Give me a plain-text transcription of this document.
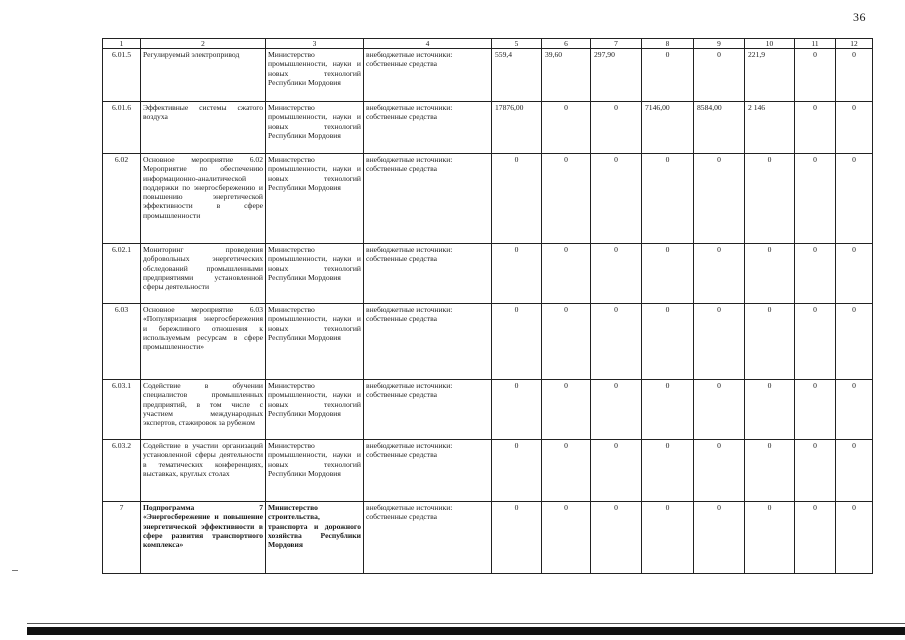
36
1	2	3	4	5	6	7	8	9	10	11	12
6.01.5	Регулируемый электропривод	Министерство промышленности, науки и новых технологий Республики Мордовия	внебюджетные источники: собственные средства	559,4	39,60	297,90	0	0	221,9	0	0
6.01.6	Эффективные системы сжатого воздуха	Министерство промышленности, науки и новых технологий Республики Мордовия	внебюджетные источники: собственные средства	17876,00	0	0	7146,00	8584,00	2 146	0	0
6.02	Основное мероприятие 6.02 Мероприятие по обеспечению информационно-аналитической поддержки по энергосбережению и повышению энергетической эффективности в сфере промышленности	Министерство промышленности, науки и новых технологий Республики Мордовия	внебюджетные источники: собственные средства	0	0	0	0	0	0	0	0
6.02.1	Мониторинг проведения добровольных энергетических обследований промышленными предприятиями установленной сферы деятельности	Министерство промышленности, науки и новых технологий Республики Мордовия	внебюджетные источники: собственные средства	0	0	0	0	0	0	0	0
6.03	Основное мероприятие 6.03 «Популяризация энергосбережения и бережливого отношения к используемым ресурсам в сфере промышленности»	Министерство промышленности, науки и новых технологий Республики Мордовия	внебюджетные источники: собственные средства	0	0	0	0	0	0	0	0
6.03.1	Содействие в обучении специалистов промышленных предприятий, в том числе с участием международных экспертов, стажировок за рубежом	Министерство промышленности, науки и новых технологий Республики Мордовия	внебюджетные источники: собственные средства	0	0	0	0	0	0	0	0
6.03.2	Содействие в участии организаций установленной сферы деятельности в тематических конференциях, выставках, круглых столах	Министерство промышленности, науки и новых технологий Республики Мордовия	внебюджетные источники: собственные средства	0	0	0	0	0	0	0	0
7	Подпрограмма 7 «Энергосбережение и повышение энергетической эффективности в сфере развития транспортного комплекса»	Министерство строительства, транспорта и дорожного хозяйства Республики Мордовия	внебюджетные источники: собственные средства	0	0	0	0	0	0	0	0
